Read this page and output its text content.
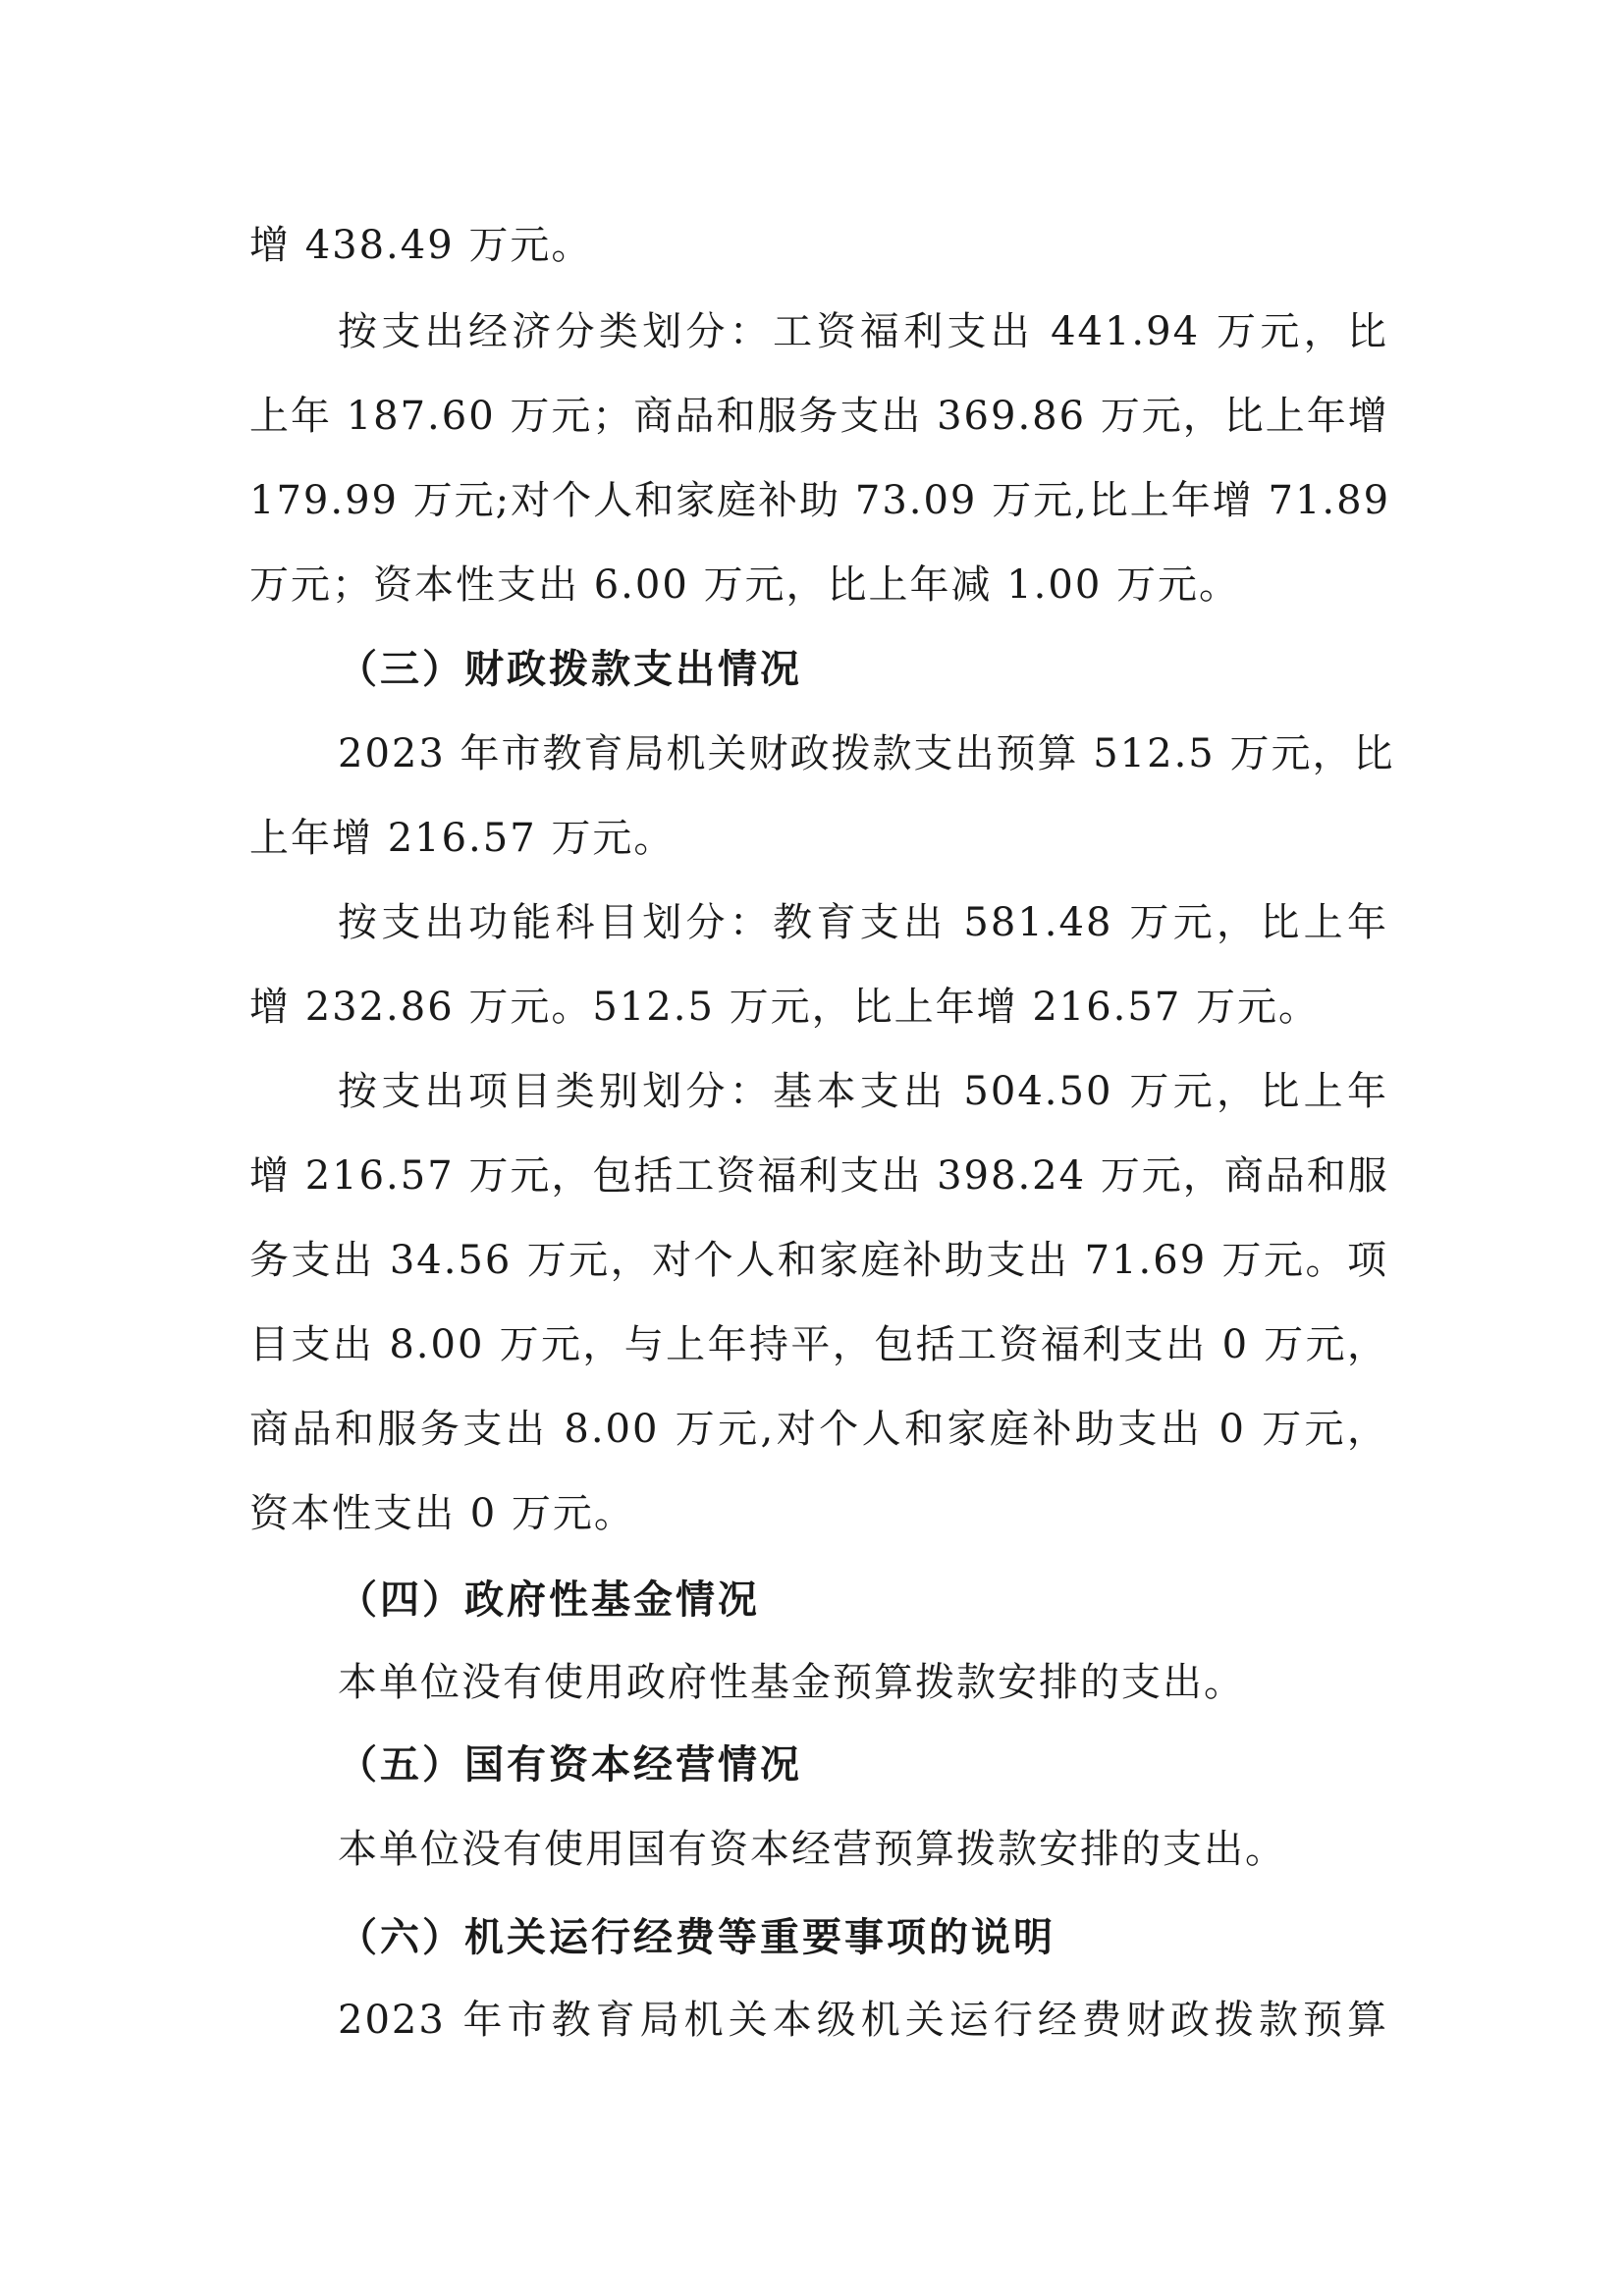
增 438.49 万元。
按支出经济分类划分：工资福利支出 441.94 万元，比
上年 187.60 万元；商品和服务支出 369.86 万元，比上年增
179.99 万元;对个人和家庭补助 73.09 万元,比上年增 71.89
万元；资本性支出 6.00 万元，比上年减 1.00 万元。
（三）财政拨款支出情况
2023 年市教育局机关财政拨款支出预算 512.5 万元，比
上年增 216.57 万元。
按支出功能科目划分：教育支出 581.48 万元，比上年
增 232.86 万元。512.5 万元，比上年增 216.57 万元。
按支出项目类别划分：基本支出 504.50 万元，比上年
增 216.57 万元，包括工资福利支出 398.24 万元，商品和服
务支出 34.56 万元，对个人和家庭补助支出 71.69 万元。项
目支出 8.00 万元，与上年持平，包括工资福利支出 0 万元，
商品和服务支出 8.00 万元,对个人和家庭补助支出 0 万元，
资本性支出 0 万元。
（四）政府性基金情况
本单位没有使用政府性基金预算拨款安排的支出。
（五）国有资本经营情况
本单位没有使用国有资本经营预算拨款安排的支出。
（六）机关运行经费等重要事项的说明
2023 年市教育局机关本级机关运行经费财政拨款预算
